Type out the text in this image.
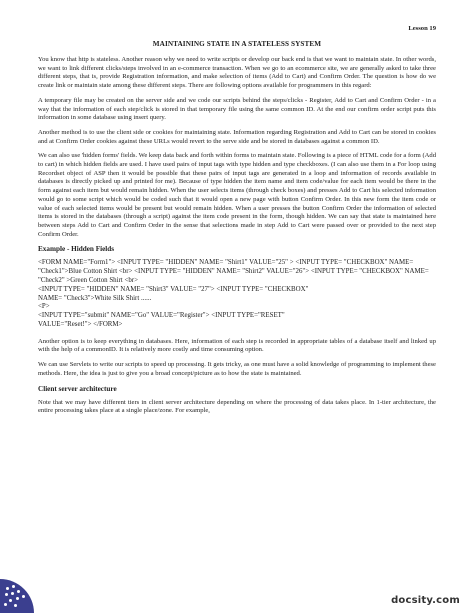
Lesson 19
MAINTAINING STATE IN A STATELESS SYSTEM

You know that http is stateless. Another reason why we need to write scripts or develop our back end is that we want to maintain state. In other words, we want to link different clicks/steps involved in an e-commerce transaction. When we go to an ecommerce site, we are generally asked to take three different steps, that is, provide Registration information, and make selection of items (Add to Cart) and Confirm Order. The question is how do we create link or maintain state among these different steps. There are following options available for programmers in this regard:

A temporary file may be created on the server side and we code our scripts behind the steps/clicks - Register, Add to Cart and Confirm Order - in a way that the information of each step/click is stored in that temporary file using the same common ID. At the end our confirm order script puts this information in some database using insert query.

Another method is to use the client side or cookies for maintaining state. Information regarding Registration and Add to Cart can be stored in cookies and at Confirm Order cookies against these URLs would revert to the serve side and be stored in databases against a common ID.

We can also use 'hidden forms' fields. We keep data back and forth within forms to maintain state. Following is a piece of HTML code for a form (Add to cart) in which hidden fields are used. I have used pairs of input tags with type hidden and type checkboxes. (I can also use them in a For loop using Recordset object of ASP then it would be possible that these pairs of input tags are generated in a loop and information of records available in databases is directly picked up and printed for me). Because of type hidden the item name and item code/value for each item would be there in the form against each item but would remain hidden. When the user selects items (through check boxes) and presses Add to Cart his selected information would go to some script which would be coded such that it would open a new page with button Confirm Order. In this new form the item code or value of each selected items would be present but would remain hidden. When a user presses the button Confirm Order the information of selected items is stored in the databases (through a script) against the item code present in the form, though hidden. We can say that state is maintained here between steps Add to Cart and Confirm Order in the sense that selections made in step Add to Cart were passed over or provided to the next step Confirm Order.

Example - Hidden Fields
<FORM NAME="Form1"> <INPUT TYPE= "HIDDEN" NAME= "Shirt1" VALUE="25" > <INPUT TYPE= "CHECKBOX" NAME= "Check1">Blue Cotton Shirt <br> <INPUT TYPE= "HIDDEN" NAME= "Shirt2" VALUE="26"> <INPUT TYPE= "CHECKBOX" NAME= "Check2" >Green Cotton Shirt <br>
<INPUT TYPE= "HIDDEN" NAME= "Shirt3" VALUE= "27"> <INPUT TYPE= "CHECKBOX"
NAME= "Check3">White Silk Shirt ......
<P>
<INPUT TYPE="submit" NAME="Go" VALUE="Register"> <INPUT TYPE="RESET"
VALUE="Reset!"> </FORM>

Another option is to keep everything in databases. Here, information of each step is recorded in appropriate tables of a database itself and linked up with the help of a commonID. It is relatively more costly and time consuming option.

We can use Servlets to write our scripts to speed up processing. It gets tricky, as one must have a solid knowledge of programming to implement these methods. Here, the idea is just to give you a broad concept/picture as to how the state is maintained.

Client server architecture

Note that we may have different tiers in client server architecture depending on where the processing of data takes place. In 1-tier architecture, the entire processing takes place at a single place/zone. For example,

docsity.com
